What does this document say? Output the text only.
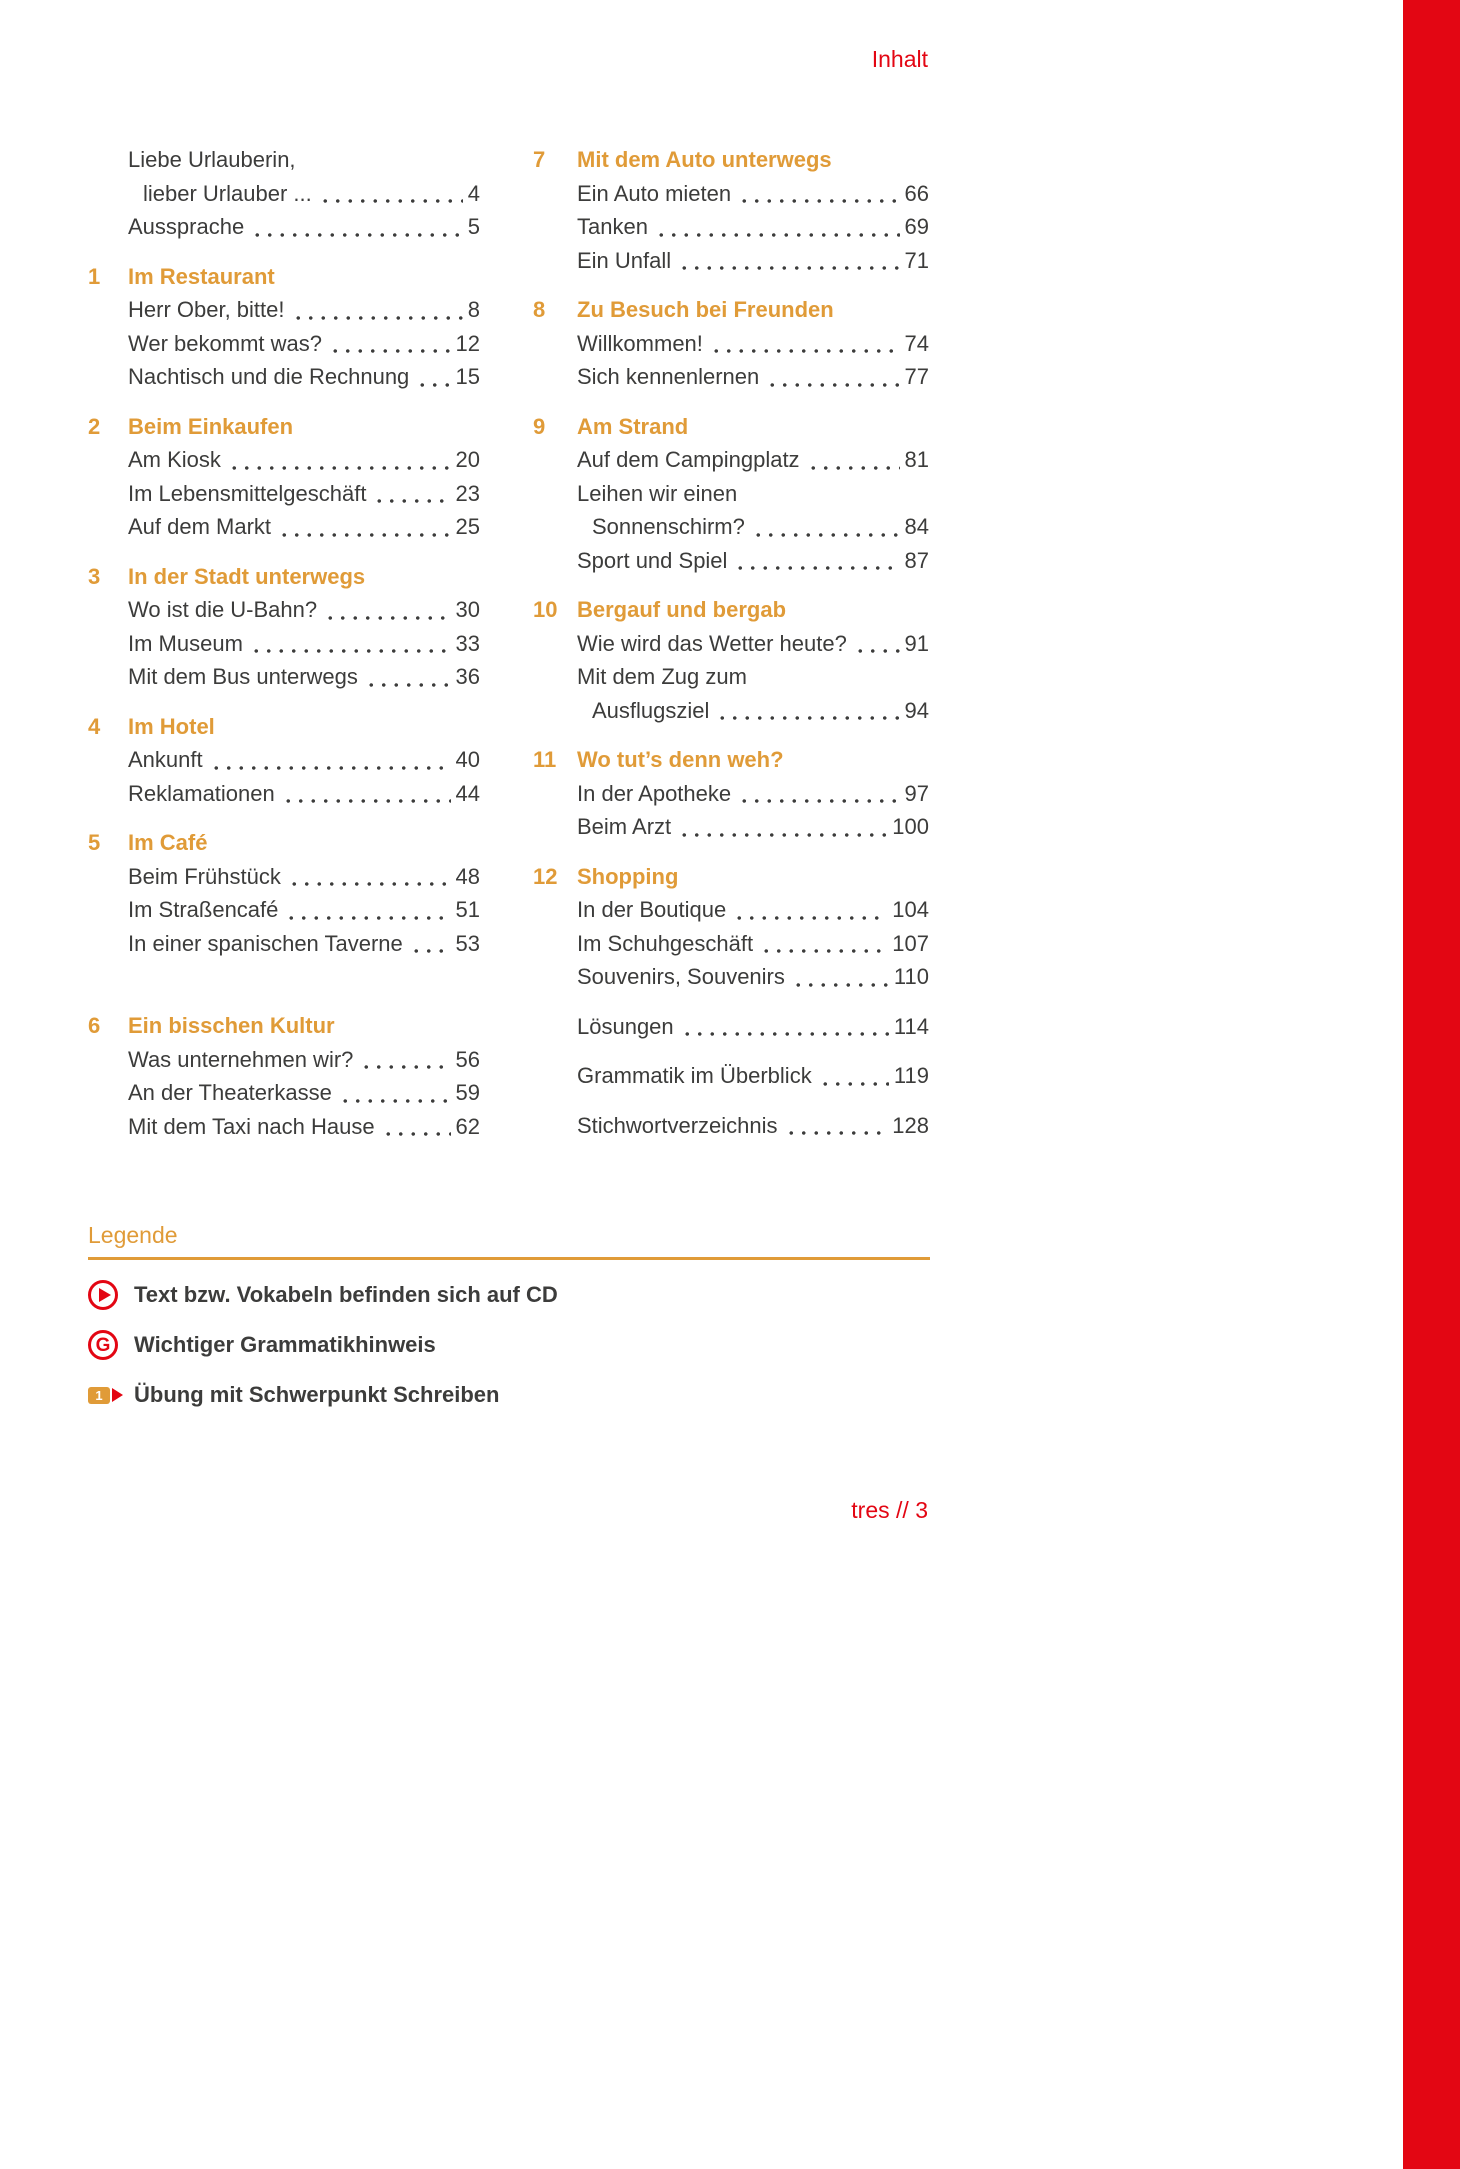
Inhalt
Liebe Urlauberin,
lieber Urlauber ...	4
Aussprache	5
1	Im Restaurant
Herr Ober, bitte!	8
Wer bekommt was?	12
Nachtisch und die Rechnung 15
2	Beim Einkaufen
Am Kiosk	20
Im Lebensmittelgeschäft	23
Auf dem Markt	25
3	In der Stadt unterwegs
Wo ist die U-Bahn?	30
Im Museum	33
Mit dem Bus unterwegs	36
4	Im Hotel
Ankunft	40
Reklamationen	44
5	Im Café
Beim Frühstück	48
Im Straßencafé	51
In einer spanischen Taverne 53
6	Ein bisschen Kultur
Was unternehmen wir?	56
An der Theaterkasse	59
Mit dem Taxi nach Hause	62
7	Mit dem Auto unterwegs
Ein Auto mieten	66
Tanken	69
Ein Unfall	71
8	Zu Besuch bei Freunden
Willkommen!	74
Sich kennenlernen	77
9	Am Strand
Auf dem Campingplatz	81
Leihen wir einen
Sonnenschirm?	84
Sport und Spiel	87
10 Bergauf und bergab
Wie wird das Wetter heute?	91
Mit dem Zug zum
Ausflugsziel	94
11 Wo tut’s denn weh?
In der Apotheke	97
Beim Arzt	100
12 Shopping
In der Boutique	104
Im Schuhgeschäft	107
Souvenirs, Souvenirs	110
Lösungen	114
Grammatik im Überblick	119
Stichwortverzeichnis	128
Legende
Text bzw. Vokabeln befinden sich auf CD
G Wichtiger Grammatikhinweis
1	Übung mit Schwerpunkt Schreiben
tres // 3
